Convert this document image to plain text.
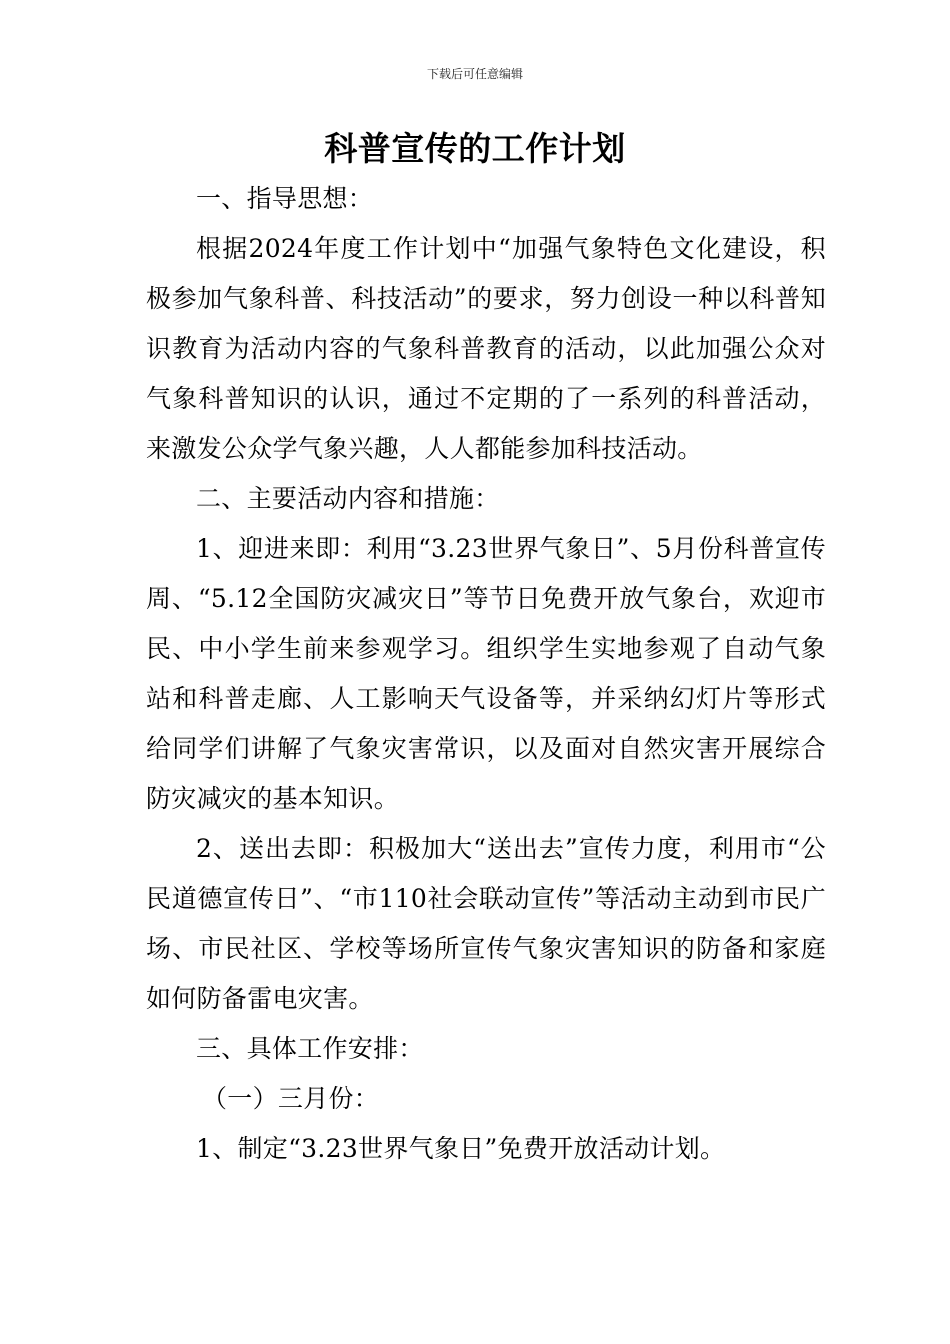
下载后可任意编辑
科普宣传的工作计划

一、指导思想：

根据2024年度工作计划中“加强气象特色文化建设，积极参加气象科普、科技活动”的要求，努力创设一种以科普知识教育为活动内容的气象科普教育的活动，以此加强公众对气象科普知识的认识，通过不定期的了一系列的科普活动，来激发公众学气象兴趣，人人都能参加科技活动。

二、主要活动内容和措施：

1、迎进来即：利用“3.23世界气象日”、5月份科普宣传周、“5.12全国防灾减灾日”等节日免费开放气象台，欢迎市民、中小学生前来参观学习。组织学生实地参观了自动气象站和科普走廊、人工影响天气设备等，并采纳幻灯片等形式给同学们讲解了气象灾害常识，以及面对自然灾害开展综合防灾减灾的基本知识。

2、送出去即：积极加大“送出去”宣传力度，利用市“公民道德宣传日”、“市110社会联动宣传”等活动主动到市民广场、市民社区、学校等场所宣传气象灾害知识的防备和家庭如何防备雷电灾害。

三、具体工作安排：

（一）三月份：

1、制定“3.23世界气象日”免费开放活动计划。
